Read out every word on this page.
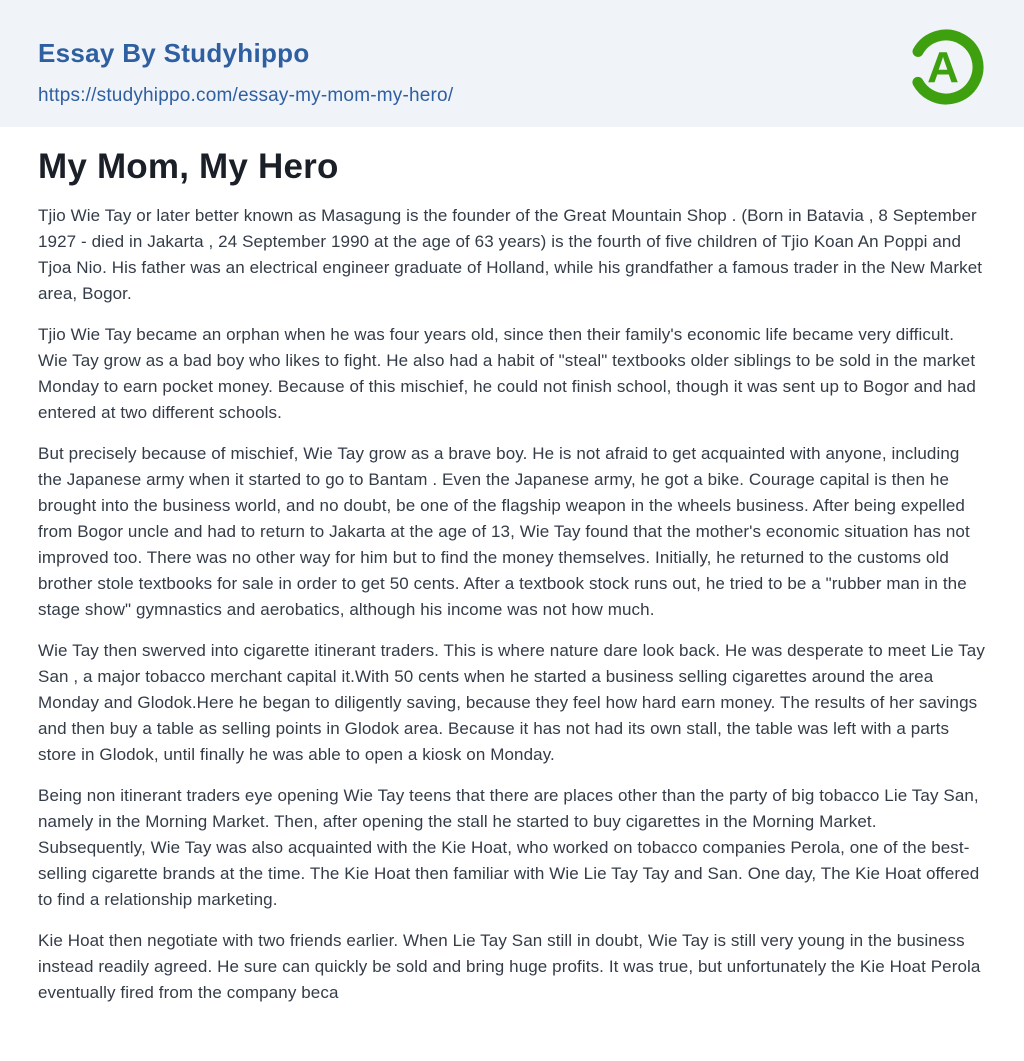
Essay By Studyhippo
https://studyhippo.com/essay-my-mom-my-hero/
A
My Mom, My Hero

Tjio Wie Tay or later better known as Masagung is the founder of the Great Mountain Shop . (Born in Batavia , 8 September 1927 - died in Jakarta , 24 September 1990 at the age of 63 years) is the fourth of five children of Tjio Koan An Poppi and Tjoa Nio. His father was an electrical engineer graduate of Holland, while his grandfather a famous trader in the New Market area, Bogor.

Tjio Wie Tay became an orphan when he was four years old, since then their family's economic life became very difficult. Wie Tay grow as a bad boy who likes to fight. He also had a habit of "steal" textbooks older siblings to be sold in the market Monday to earn pocket money. Because of this mischief, he could not finish school, though it was sent up to Bogor and had entered at two different schools.

But precisely because of mischief, Wie Tay grow as a brave boy. He is not afraid to get acquainted with anyone, including the Japanese army when it started to go to Bantam . Even the Japanese army, he got a bike. Courage capital is then he brought into the business world, and no doubt, be one of the flagship weapon in the wheels business. After being expelled from Bogor uncle and had to return to Jakarta at the age of 13, Wie Tay found that the mother's economic situation has not improved too. There was no other way for him but to find the money themselves. Initially, he returned to the customs old brother stole textbooks for sale in order to get 50 cents. After a textbook stock runs out, he tried to be a "rubber man in the stage show" gymnastics and aerobatics, although his income was not how much.

Wie Tay then swerved into cigarette itinerant traders. This is where nature dare look back. He was desperate to meet Lie Tay San , a major tobacco merchant capital it.With 50 cents when he started a business selling cigarettes around the area Monday and Glodok.Here he began to diligently saving, because they feel how hard earn money. The results of her savings and then buy a table as selling points in Glodok area. Because it has not had its own stall, the table was left with a parts store in Glodok, until finally he was able to open a kiosk on Monday.

Being non itinerant traders eye opening Wie Tay teens that there are places other than the party of big tobacco Lie Tay San, namely in the Morning Market. Then, after opening the stall he started to buy cigarettes in the Morning Market. Subsequently, Wie Tay was also acquainted with the Kie Hoat, who worked on tobacco companies Perola, one of the best-selling cigarette brands at the time. The Kie Hoat then familiar with Wie Lie Tay Tay and San. One day, The Kie Hoat offered to find a relationship marketing.

Kie Hoat then negotiate with two friends earlier. When Lie Tay San still in doubt, Wie Tay is still very young in the business instead readily agreed. He sure can quickly be sold and bring huge profits. It was true, but unfortunately the Kie Hoat Perola eventually fired from the company beca
